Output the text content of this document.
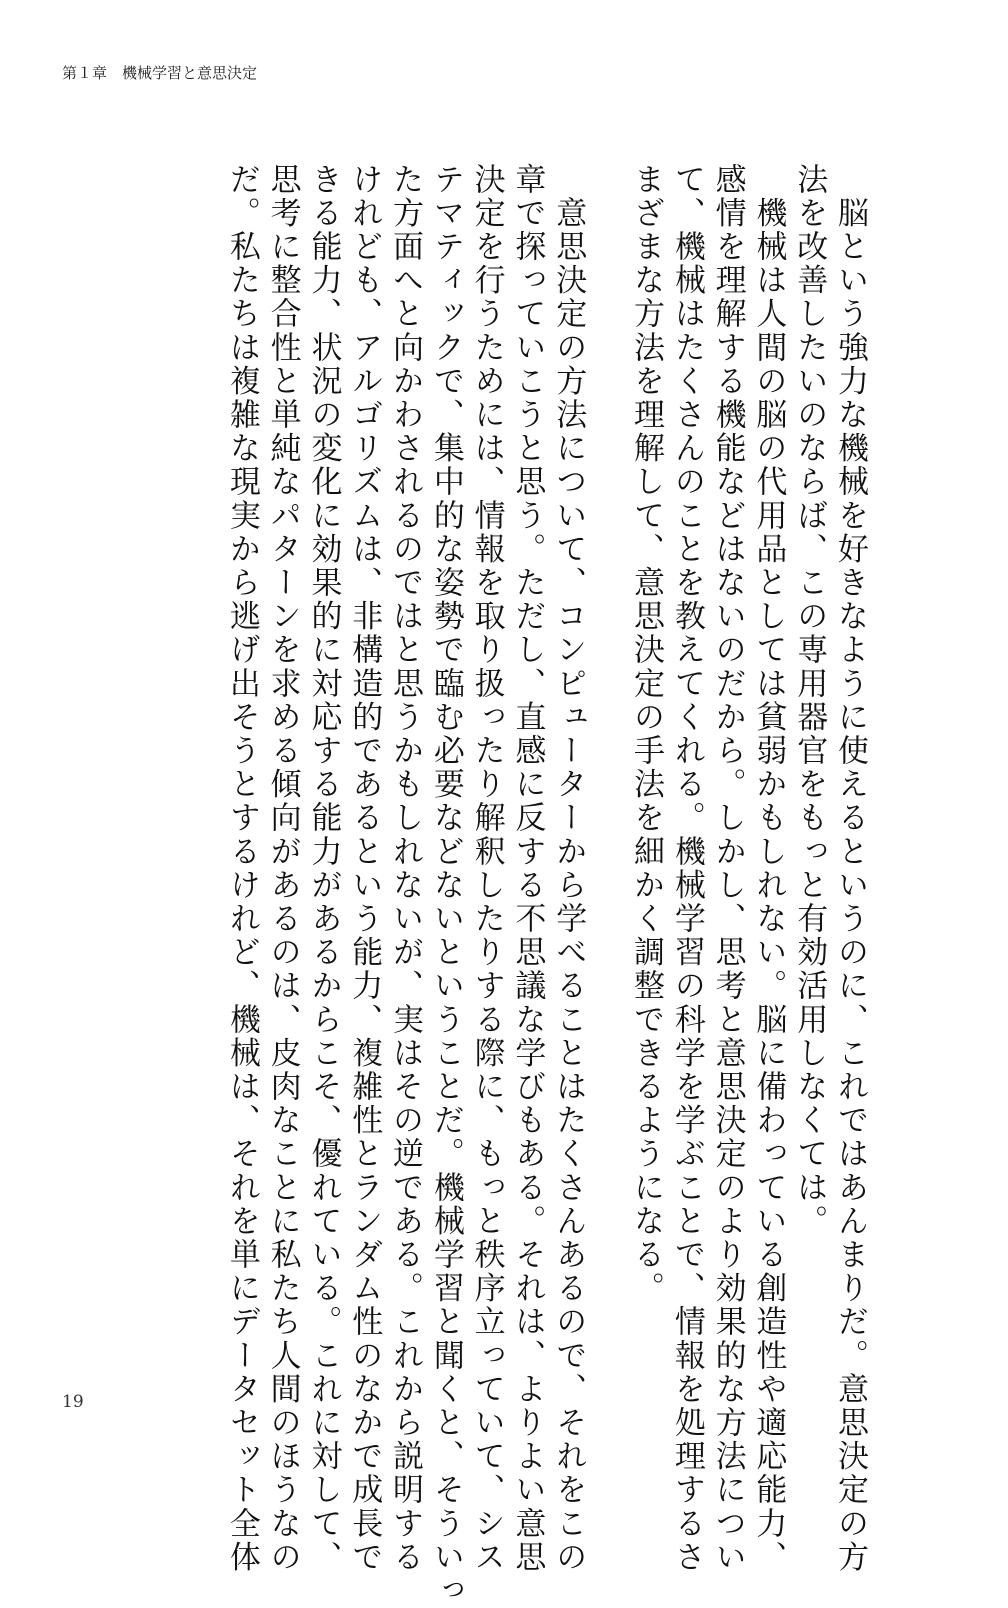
第１章　機械学習と意思決定
　脳という強力な機械を好きなように使えるというのに、これではあんまりだ。意思決定の方
法を改善したいのならば、この専用器官をもっと有効活用しなくては。
　機械は人間の脳の代用品としては貧弱かもしれない。脳に備わっている創造性や適応能力、
感情を理解する機能などはないのだから。しかし、思考と意思決定のより効果的な方法につい
て、機械はたくさんのことを教えてくれる。機械学習の科学を学ぶことで、情報を処理するさ
まざまな方法を理解して、意思決定の手法を細かく調整できるようになる。
　意思決定の方法について、コンピューターから学べることはたくさんあるので、それをこの
章で探っていこうと思う。ただし、直感に反する不思議な学びもある。それは、よりよい意思
決定を行うためには、情報を取り扱ったり解釈したりする際に、もっと秩序立っていて、シス
テマティックで、集中的な姿勢で臨む必要などないということだ。機械学習と聞くと、そういっ
た方面へと向かわされるのではと思うかもしれないが、実はその逆である。これから説明する
けれども、アルゴリズムは、非構造的であるという能力、複雑性とランダム性のなかで成長で
きる能力、状況の変化に効果的に対応する能力があるからこそ、優れている。これに対して、
思考に整合性と単純なパターンを求める傾向があるのは、皮肉なことに私たち人間のほうなの
だ。私たちは複雑な現実から逃げ出そうとするけれど、機械は、それを単にデータセット全体
19
